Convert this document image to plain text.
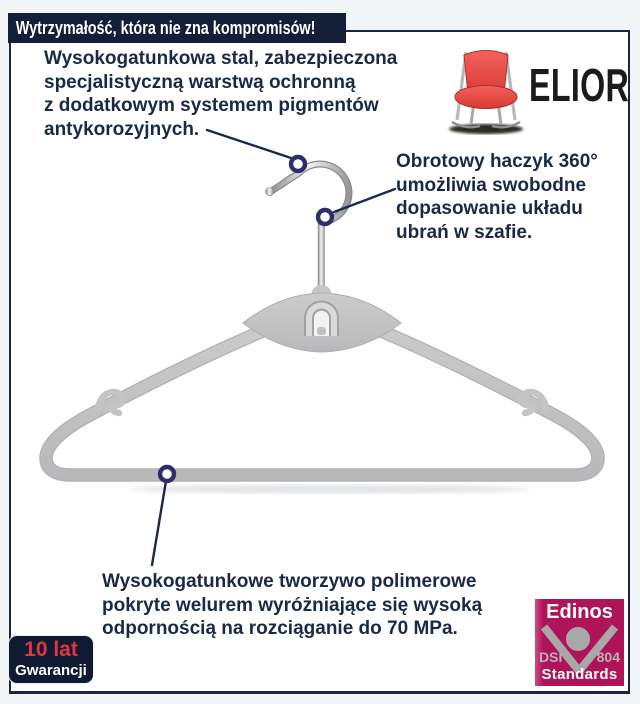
Wytrzymałość, która nie zna kompromisów!
Wysokogatunkowa stal, zabezpieczona
specjalistyczną warstwą ochronną
z dodatkowym systemem pigmentów
antykorozyjnych.
Obrotowy haczyk 360°
umożliwia swobodne
dopasowanie układu
ubrań w szafie.
Wysokogatunkowe tworzywo polimerowe
pokryte welurem wyróżniające się wysoką
odpornością na rozciąganie do 70 MPa.
ELIOR
10 lat
Gwarancji
Edinos
DSI 804
Standards
